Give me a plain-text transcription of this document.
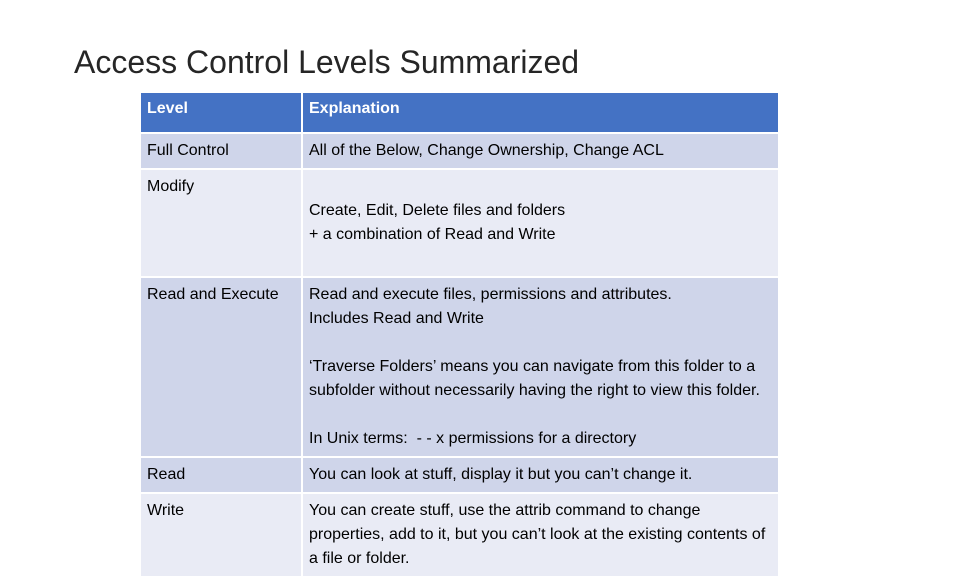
Access Control Levels Summarized
Level	Explanation
Full Control	All of the Below, Change Ownership, Change ACL

Modify	Create, Edit, Delete files and folders
+ a combination of Read and Write

Read and Execute	Read and execute files, permissions and attributes.
Includes Read and Write
‘Traverse Folders’ means you can navigate from this folder to a subfolder without necessarily having the right to view this folder.
In Unix terms:  - - x permissions for a directory

Read	You can look at stuff, display it but you can’t change it.

Write	You can create stuff, use the attrib command to change properties, add to it, but you can’t look at the existing contents of a file or folder.
